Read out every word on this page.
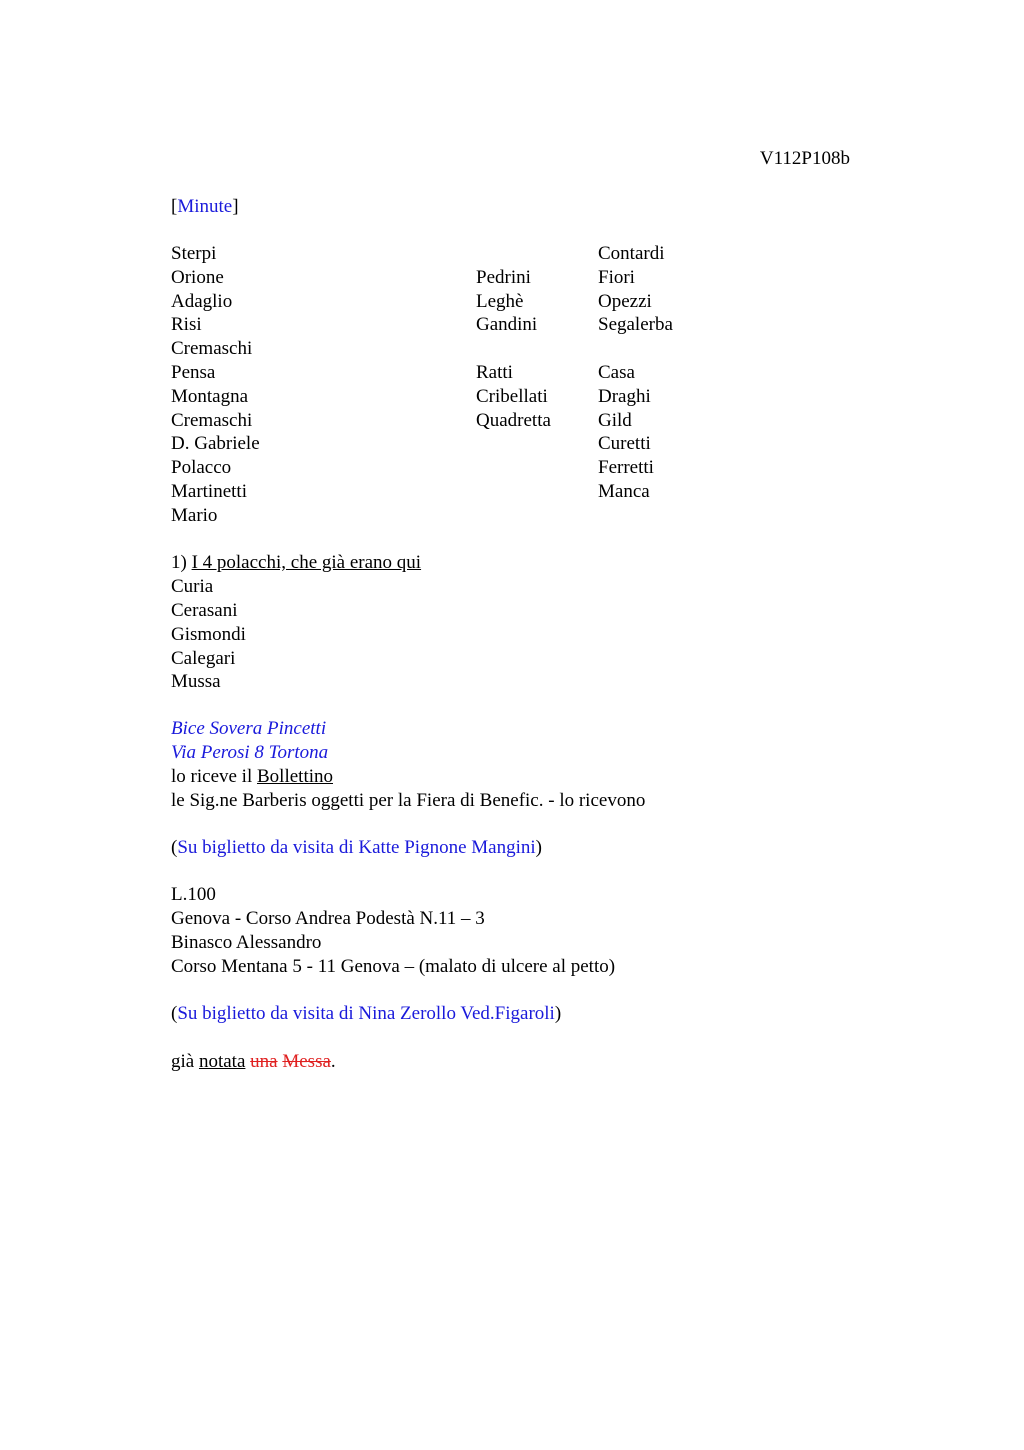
V112P108b
[Minute]
Sterpi
Orione
Adaglio
Risi
Cremaschi
Pensa
Montagna
Cremaschi
D. Gabriele
Polacco
Martinetti
Mario
Pedrini
Leghè
Gandini
Ratti
Cribellati
Quadretta
Contardi
Fiori
Opezzi
Segalerba
Casa
Draghi
Gild
Curetti
Ferretti
Manca
1) I 4 polacchi, che già erano qui
Curia
Cerasani
Gismondi
Calegari
Mussa
Bice Sovera Pincetti
Via Perosi 8 Tortona
lo riceve il Bollettino
le Sig.ne Barberis oggetti per la Fiera di Benefic. - lo ricevono
(Su biglietto da visita di Katte Pignone Mangini)
L.100
Genova - Corso Andrea Podestà N.11 – 3
Binasco Alessandro
Corso Mentana 5 - 11 Genova – (malato di ulcere al petto)
(Su biglietto da visita di Nina Zerollo Ved.Figaroli)
già notata una Messa.
